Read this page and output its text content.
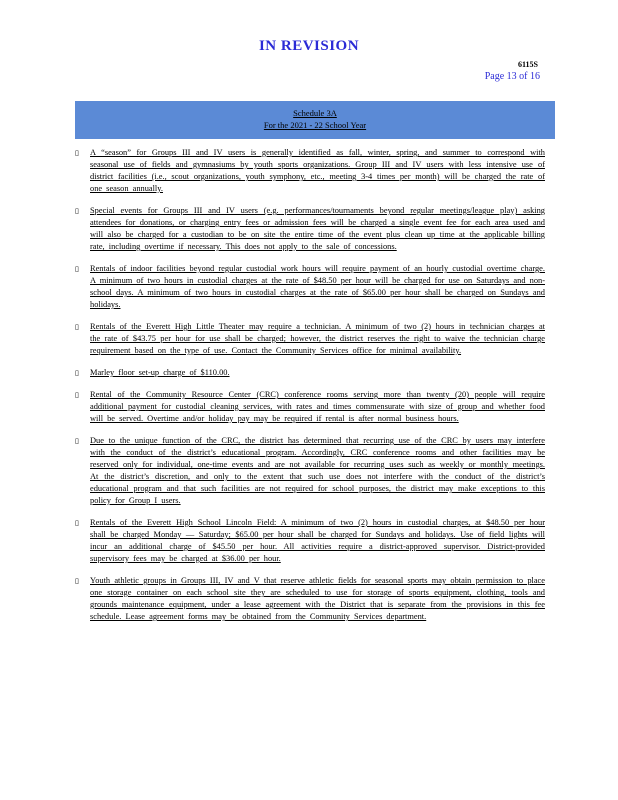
IN REVISION
6115S
Page 13 of 16
Schedule 3A
For the 2021 - 22 School Year
▯ A “season” for Groups III and IV users is generally identified as fall, winter, spring, and summer to correspond with seasonal use of fields and gymnasiums by youth sports organizations. Group III and IV users with less intensive use of district facilities (i.e., scout organizations, youth symphony, etc., meeting 3-4 times per month) will be charged the rate of one season annually.
▯ Special events for Groups III and IV users (e.g. performances/tournaments beyond regular meetings/league play) asking attendees for donations, or charging entry fees or admission fees will be charged a single event fee for each area used and will also be charged for a custodian to be on site the entire time of the event plus clean up time at the applicable billing rate, including overtime if necessary. This does not apply to the sale of concessions.
▯ Rentals of indoor facilities beyond regular custodial work hours will require payment of an hourly custodial overtime charge. A minimum of two hours in custodial charges at the rate of $48.50 per hour will be charged for use on Saturdays and non-school days. A minimum of two hours in custodial charges at the rate of $65.00 per hour shall be charged on Sundays and holidays.
▯ Rentals of the Everett High Little Theater may require a technician. A minimum of two (2) hours in technician charges at the rate of $43.75 per hour for use shall be charged; however, the district reserves the right to waive the technician charge requirement based on the type of use. Contact the Community Services office for minimal availability.
▯ Marley floor set-up charge of $110.00.
▯ Rental of the Community Resource Center (CRC) conference rooms serving more than twenty (20) people will require additional payment for custodial cleaning services, with rates and times commensurate with size of group and whether food will be served. Overtime and/or holiday pay may be required if rental is after normal business hours.
▯ Due to the unique function of the CRC, the district has determined that recurring use of the CRC by users may interfere with the conduct of the district’s educational program. Accordingly, CRC conference rooms and other facilities may be reserved only for individual, one-time events and are not available for recurring uses such as weekly or monthly meetings. At the district’s discretion, and only to the extent that such use does not interfere with the conduct of the district’s educational program and that such facilities are not required for school purposes, the district may make exceptions to this policy for Group I users.
▯ Rentals of the Everett High School Lincoln Field: A minimum of two (2) hours in custodial charges, at $48.50 per hour shall be charged Monday — Saturday; $65.00 per hour shall be charged for Sundays and holidays. Use of field lights will incur an additional charge of $45.50 per hour. All activities require a district-approved supervisor. District-provided supervisory fees may be charged at $36.00 per hour.
▯ Youth athletic groups in Groups III, IV and V that reserve athletic fields for seasonal sports may obtain permission to place one storage container on each school site they are scheduled to use for storage of sports equipment, clothing, tools and grounds maintenance equipment, under a lease agreement with the District that is separate from the provisions in this fee schedule. Lease agreement forms may be obtained from the Community Services department.
